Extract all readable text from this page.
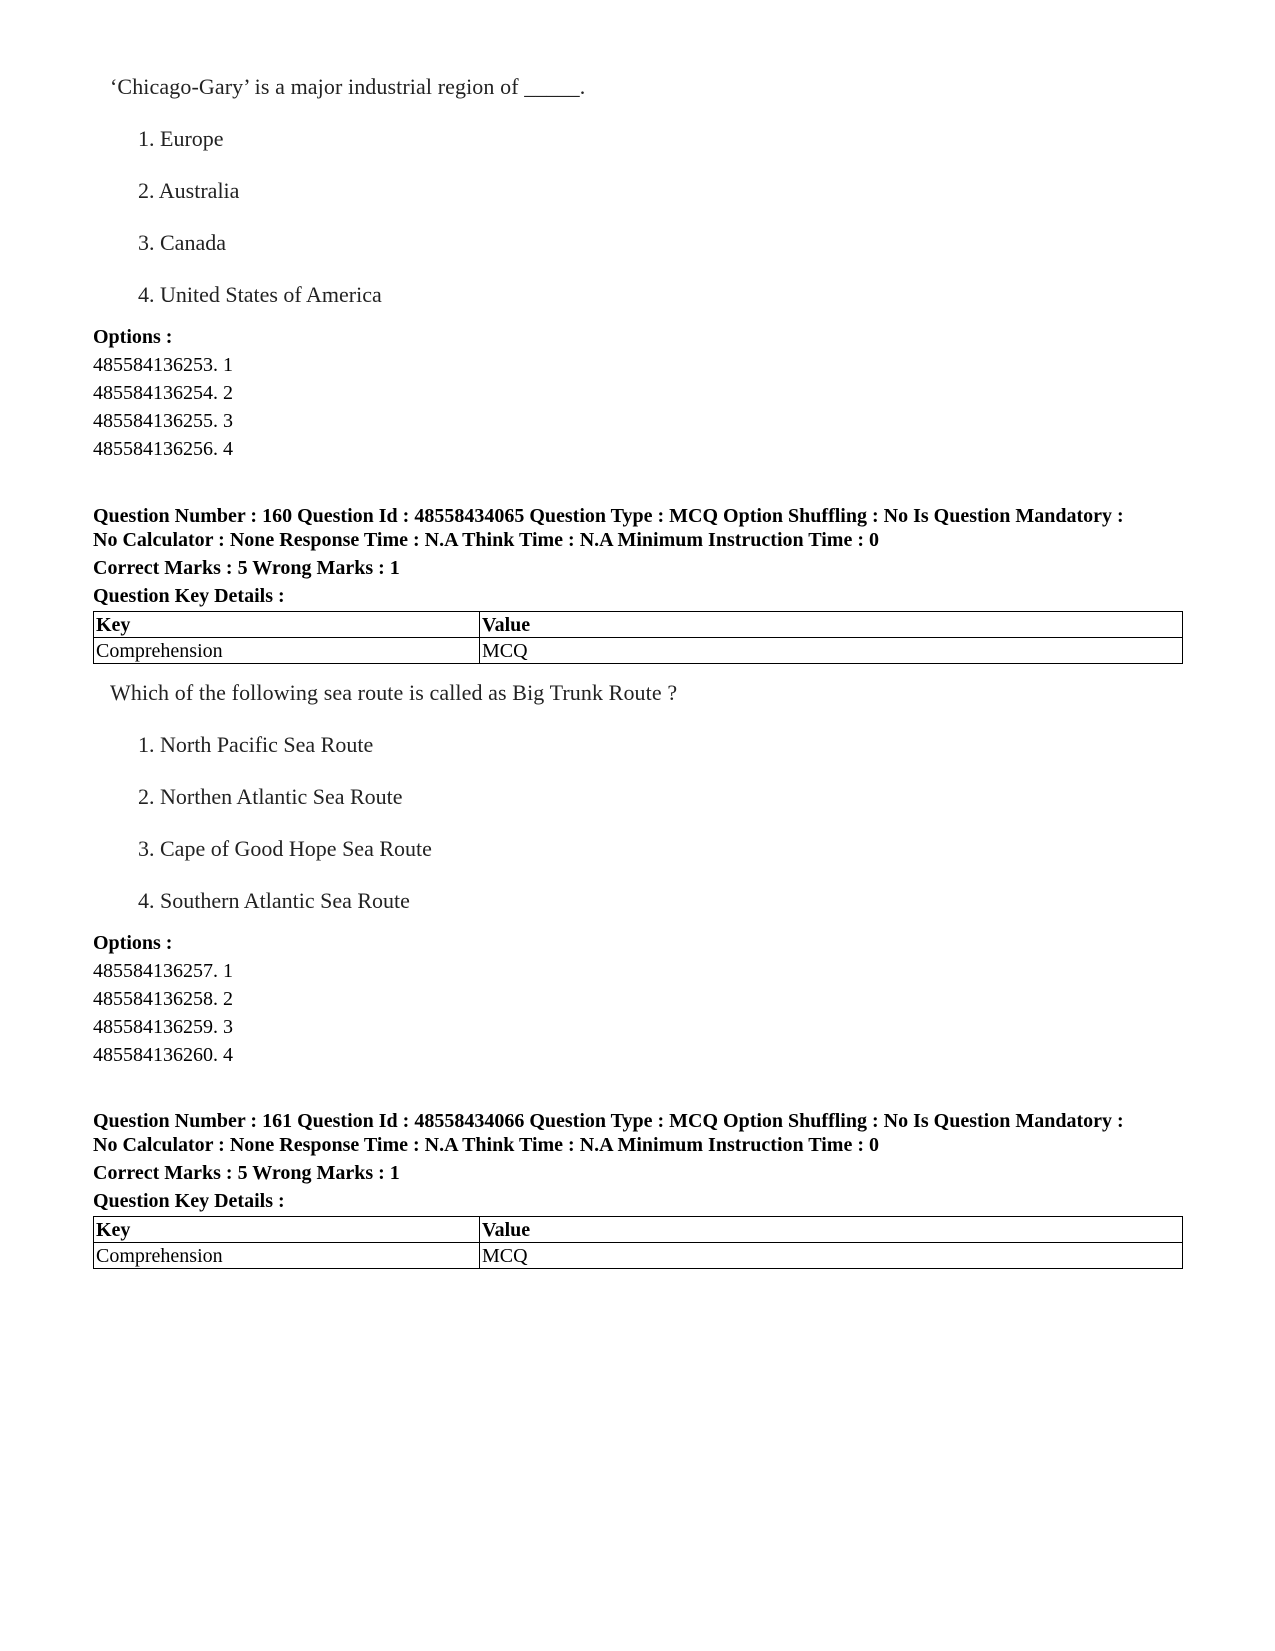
‘Chicago-Gary’ is a major industrial region of _____.
1. Europe
2. Australia
3. Canada
4. United States of America
Options :
485584136253. 1
485584136254. 2
485584136255. 3
485584136256. 4
Question Number : 160 Question Id : 48558434065 Question Type : MCQ Option Shuffling : No Is Question Mandatory :
No Calculator : None Response Time : N.A Think Time : N.A Minimum Instruction Time : 0
Correct Marks : 5 Wrong Marks : 1
Question Key Details :
Key	Value
Comprehension	MCQ
Which of the following sea route is called as Big Trunk Route ?
1. North Pacific Sea Route
2. Northen Atlantic Sea Route
3. Cape of Good Hope Sea Route
4. Southern Atlantic Sea Route
Options :
485584136257. 1
485584136258. 2
485584136259. 3
485584136260. 4
Question Number : 161 Question Id : 48558434066 Question Type : MCQ Option Shuffling : No Is Question Mandatory :
No Calculator : None Response Time : N.A Think Time : N.A Minimum Instruction Time : 0
Correct Marks : 5 Wrong Marks : 1
Question Key Details :
Key	Value
Comprehension	MCQ
